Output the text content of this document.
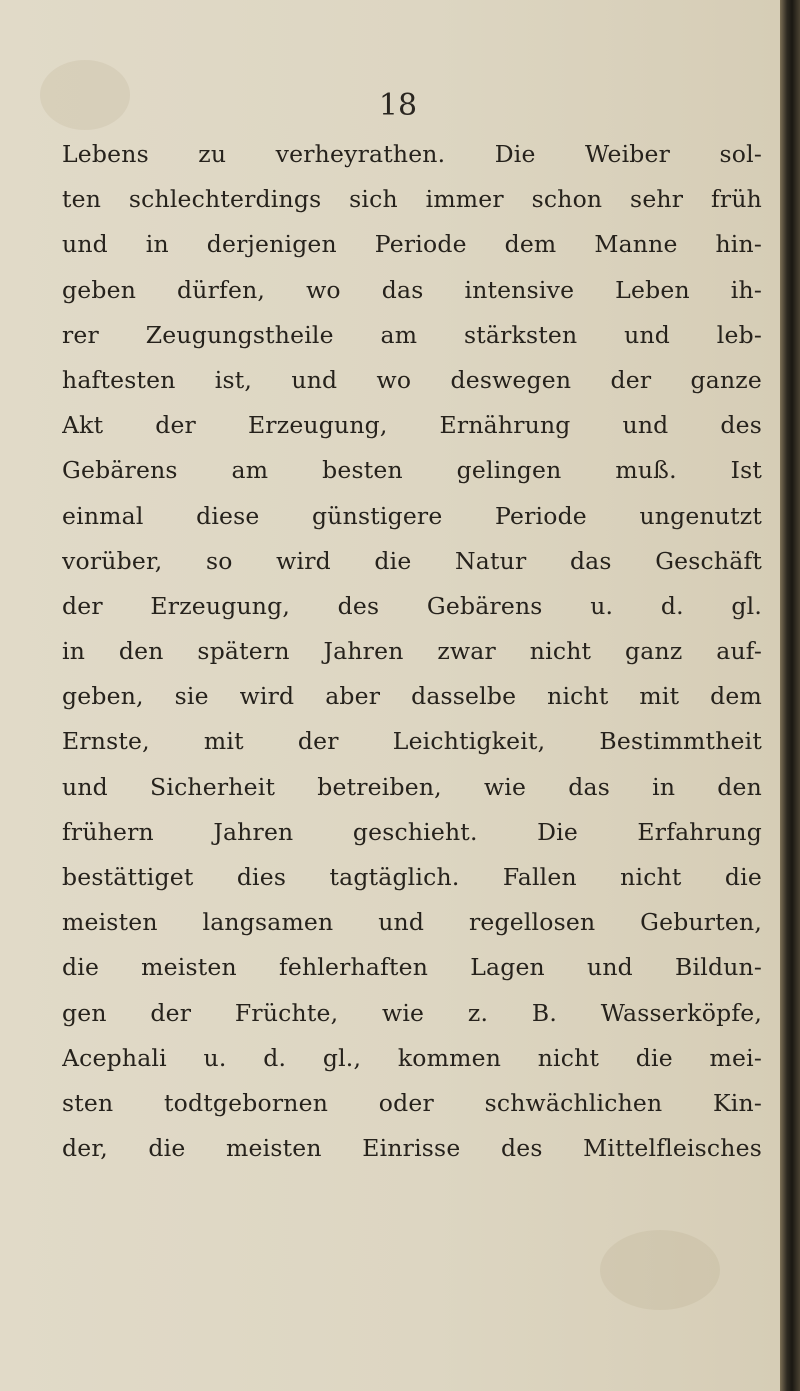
18

Lebens zu verheyrathen. Die Weiber sol-
ten schlechterdings sich immer schon sehr früh
und in derjenigen Periode dem Manne hin-
geben dürfen, wo das intensive Leben ih-
rer Zeugungstheile am stärksten und leb-
haftesten ist, und wo deswegen der ganze
Akt der Erzeugung, Ernährung und des
Gebärens am besten gelingen muß. Ist
einmal diese günstigere Periode ungenutzt
vorüber, so wird die Natur das Geschäft
der Erzeugung, des Gebärens u. d. gl.
in den spätern Jahren zwar nicht ganz auf-
geben, sie wird aber dasselbe nicht mit dem
Ernste, mit der Leichtigkeit, Bestimmtheit
und Sicherheit betreiben, wie das in den
frühern Jahren geschieht. Die Erfahrung
bestättiget dies tagtäglich. Fallen nicht die
meisten langsamen und regellosen Geburten,
die meisten fehlerhaften Lagen und Bildun-
gen der Früchte, wie z. B. Wasserköpfe,
Acephali u. d. gl., kommen nicht die mei-
sten todtgebornen oder schwächlichen Kin-
der, die meisten Einrisse des Mittelfleisches
